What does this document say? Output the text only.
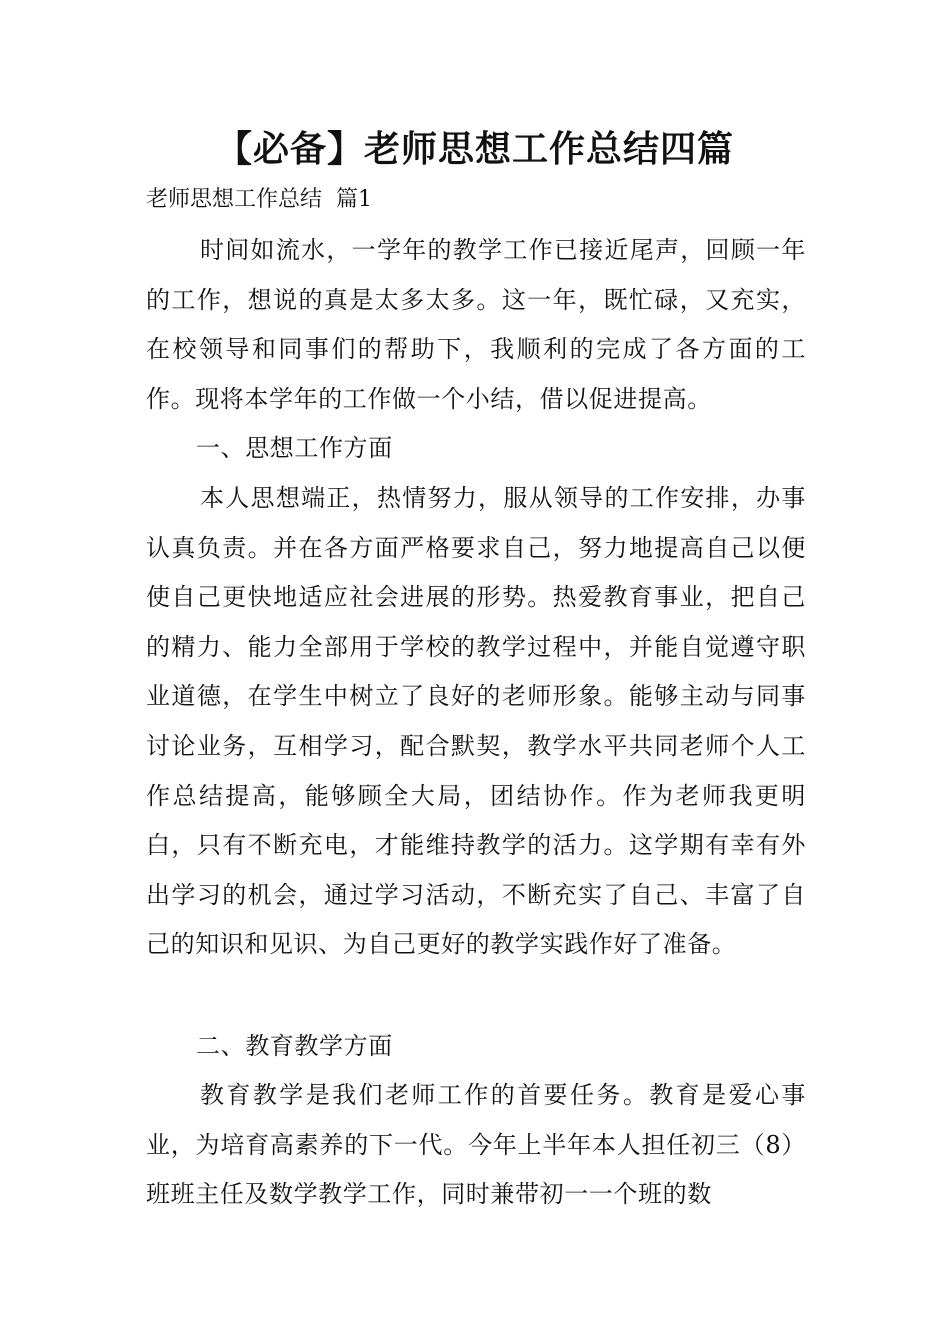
【必备】老师思想工作总结四篇
老师思想工作总结  篇1

时间如流水，一学年的教学工作已接近尾声，回顾一年的工作，想说的真是太多太多。这一年，既忙碌，又充实，在校领导和同事们的帮助下，我顺利的完成了各方面的工作。现将本学年的工作做一个小结，借以促进提高。

一、思想工作方面

本人思想端正，热情努力，服从领导的工作安排，办事认真负责。并在各方面严格要求自己，努力地提高自己以便使自己更快地适应社会进展的形势。热爱教育事业，把自己的精力、能力全部用于学校的教学过程中，并能自觉遵守职业道德，在学生中树立了良好的老师形象。能够主动与同事讨论业务，互相学习，配合默契，教学水平共同老师个人工作总结提高，能够顾全大局，团结协作。作为老师我更明白，只有不断充电，才能维持教学的活力。这学期有幸有外出学习的机会，通过学习活动，不断充实了自己、丰富了自己的知识和见识、为自己更好的教学实践作好了准备。

二、教育教学方面

教育教学是我们老师工作的首要任务。教育是爱心事业，为培育高素养的下一代。今年上半年本人担任初三（8）班班主任及数学教学工作，同时兼带初一一个班的数
